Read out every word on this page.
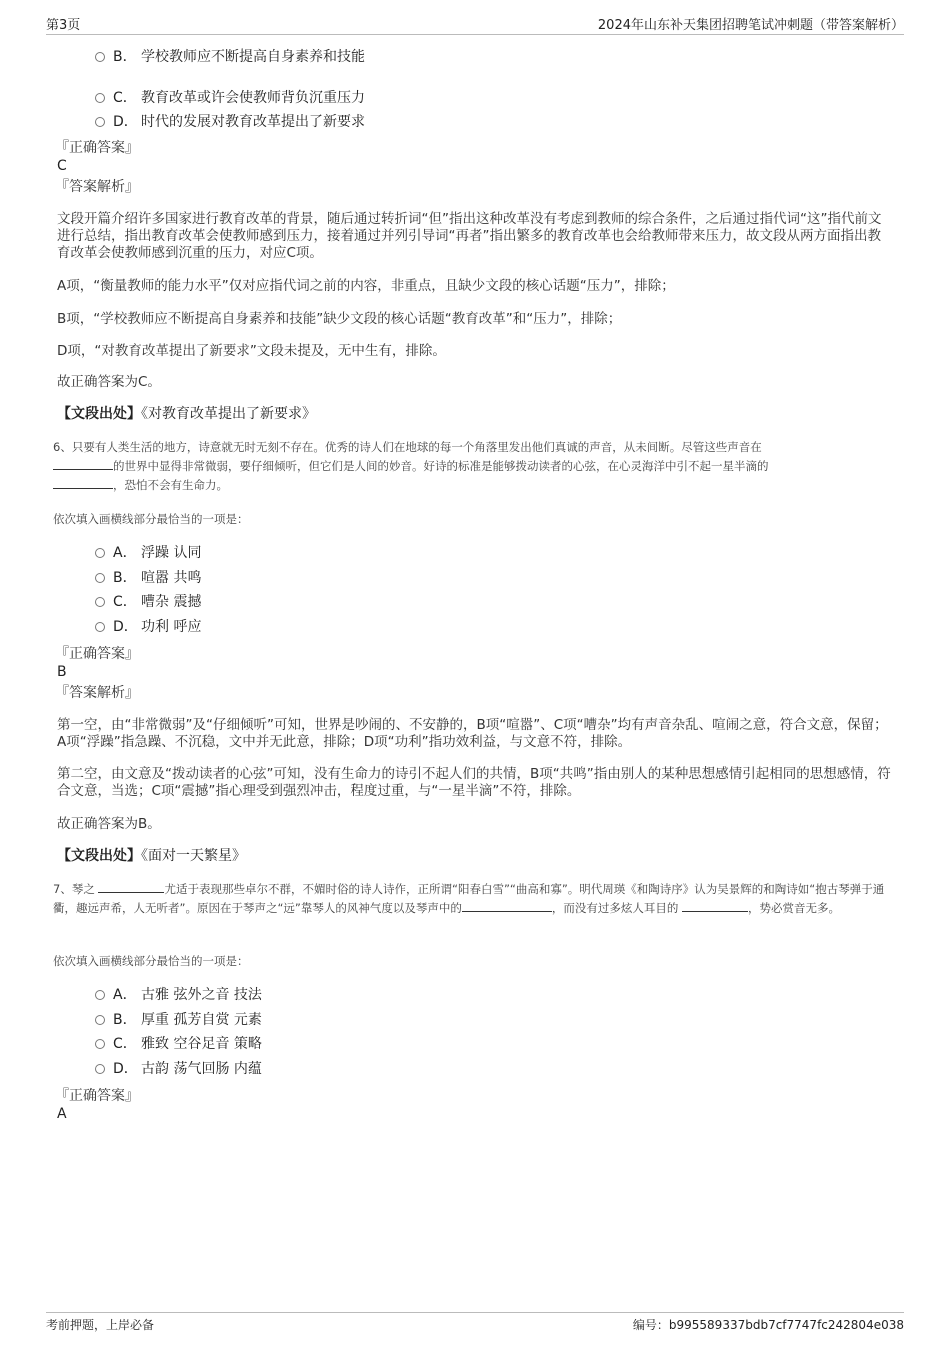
第3页	2024年山东补天集团招聘笔试冲刺题（带答案解析）
B． 学校教师应不断提高自身素养和技能
C． 教育改革或许会使教师背负沉重压力
D． 时代的发展对教育改革提出了新要求
『正确答案』
C
『答案解析』

文段开篇介绍许多国家进行教育改革的背景，随后通过转折词“但”指出这种改革没有考虑到教师的综合条件，之后通过指代词“这”指代前文进行总结，指出教育改革会使教师感到压力，接着通过并列引导词“再者”指出繁多的教育改革也会给教师带来压力，故文段从两方面指出教育改革会使教师感到沉重的压力，对应C项。

A项，“衡量教师的能力水平”仅对应指代词之前的内容，非重点，且缺少文段的核心话题“压力”，排除；

B项，“学校教师应不断提高自身素养和技能”缺少文段的核心话题“教育改革”和“压力”，排除；

D项，“对教育改革提出了新要求”文段未提及，无中生有，排除。

故正确答案为C。

【文段出处】《对教育改革提出了新要求》

6、只要有人类生活的地方，诗意就无时无刻不存在。优秀的诗人们在地球的每一个角落里发出他们真诚的声音，从未间断。尽管这些声音在
的世界中显得非常微弱，要仔细倾听，但它们是人间的妙音。好诗的标准是能够拨动读者的心弦，在心灵海洋中引不起一星半滴的
，恐怕不会有生命力。

依次填入画横线部分最恰当的一项是：

A． 浮躁 认同
B． 喧嚣 共鸣
C． 嘈杂 震撼
D． 功利 呼应
『正确答案』
B
『答案解析』

第一空，由“非常微弱”及“仔细倾听”可知，世界是吵闹的、不安静的，B项“喧嚣”、C项“嘈杂”均有声音杂乱、喧闹之意，符合文意，保留；A项“浮躁”指急躁、不沉稳，文中并无此意，排除；D项“功利”指功效利益，与文意不符，排除。

第二空，由文意及“拨动读者的心弦”可知，没有生命力的诗引不起人们的共情，B项“共鸣”指由别人的某种思想感情引起相同的思想感情，符合文意，当选；C项“震撼”指心理受到强烈冲击，程度过重，与“一星半滴”不符，排除。

故正确答案为B。

【文段出处】《面对一天繁星》

7、琴之	尤适于表现那些卓尔不群，不媚时俗的诗人诗作，正所谓“阳春白雪”“曲高和寡”。明代周瑛《和陶诗序》认为吴景辉的和陶诗如“抱古琴弹于通衢，趣远声希，人无听者”。原因在于琴声之“远”靠琴人的风神气度以及琴声中的	，而没有过多炫人耳目的	，势必赏音无多。

依次填入画横线部分最恰当的一项是：

A． 古雅 弦外之音 技法
B． 厚重 孤芳自赏 元素
C． 雅致 空谷足音 策略
D． 古韵 荡气回肠 内蕴
『正确答案』
A
考前押题，上岸必备	编号：b995589337bdb7cf7747fc242804e038
